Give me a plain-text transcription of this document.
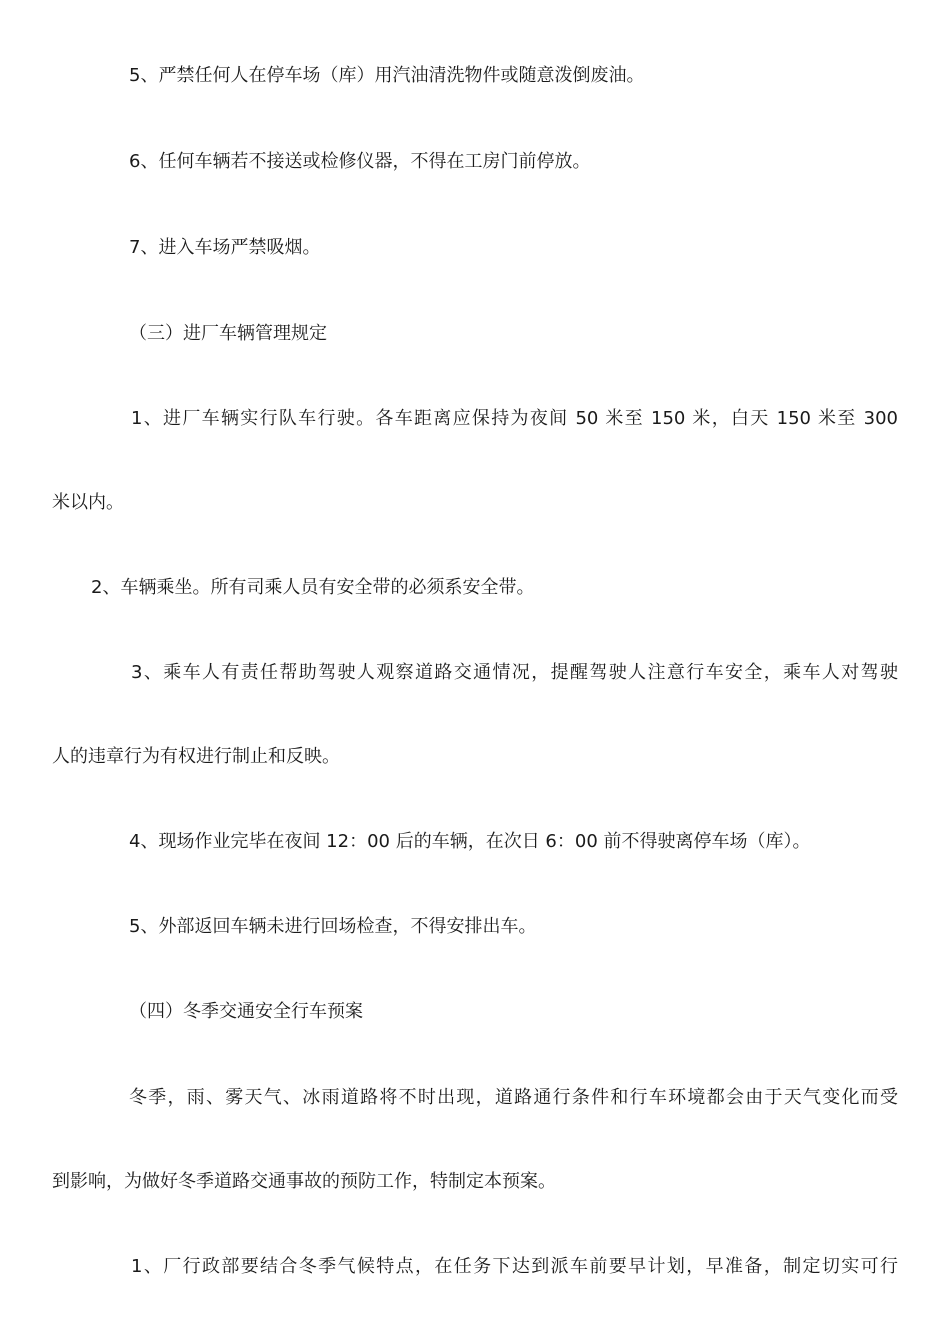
5、严禁任何人在停车场（库）用汽油清洗物件或随意泼倒废油。

6、任何车辆若不接送或检修仪器，不得在工房门前停放。

7、进入车场严禁吸烟。

（三）进厂车辆管理规定

1、进厂车辆实行队车行驶。各车距离应保持为夜间 50 米至 150 米，白天 150 米至 300

米以内。

2、车辆乘坐。所有司乘人员有安全带的必须系安全带。

3、乘车人有责任帮助驾驶人观察道路交通情况，提醒驾驶人注意行车安全，乘车人对驾驶

人的违章行为有权进行制止和反映。

4、现场作业完毕在夜间 12：00 后的车辆，在次日 6：00 前不得驶离停车场（库）。

5、外部返回车辆未进行回场检查，不得安排出车。

（四）冬季交通安全行车预案

冬季，雨、雾天气、冰雨道路将不时出现，道路通行条件和行车环境都会由于天气变化而受

到影响，为做好冬季道路交通事故的预防工作，特制定本预案。

1、厂行政部要结合冬季气候特点，在任务下达到派车前要早计划，早准备，制定切实可行
